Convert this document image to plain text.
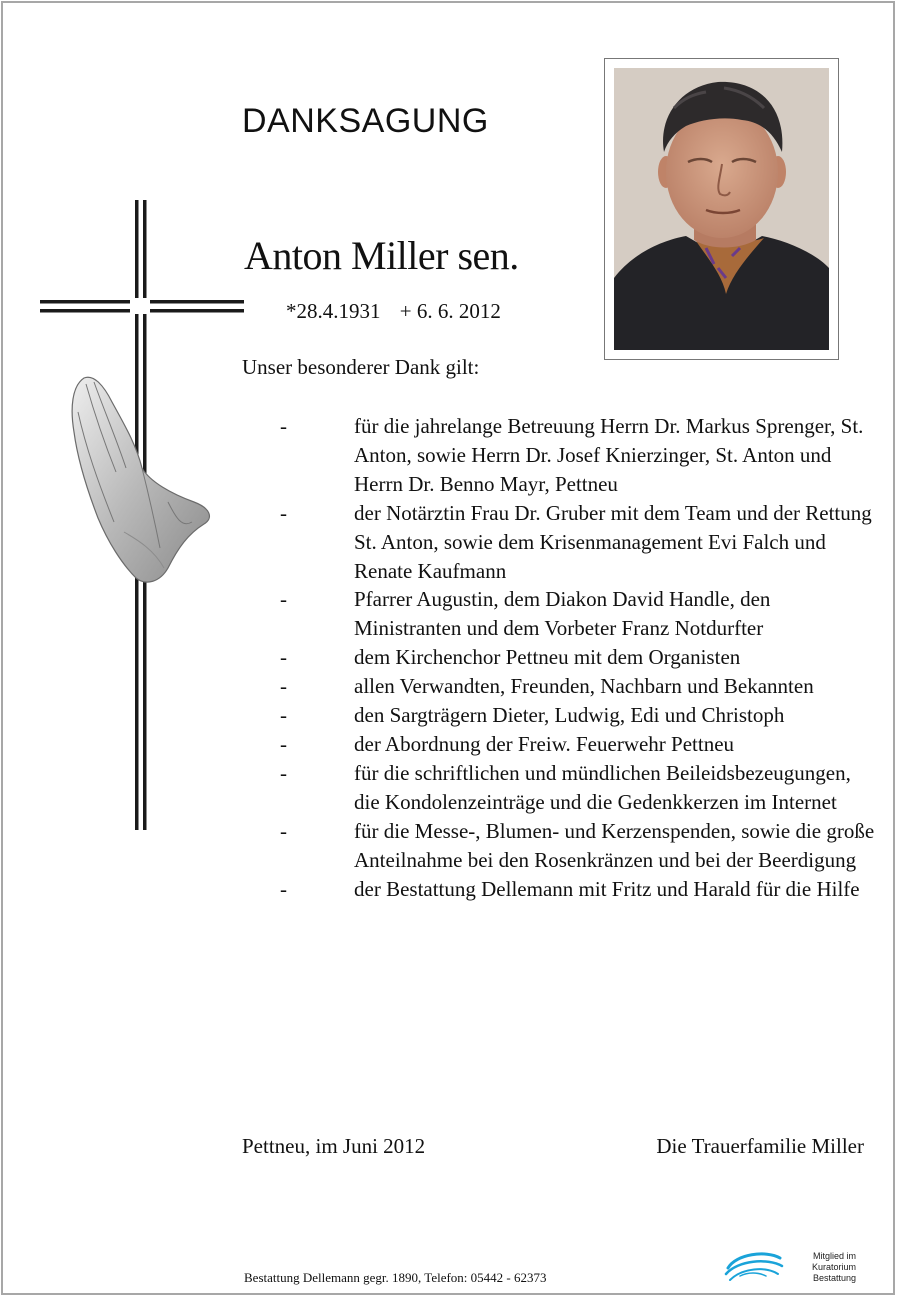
DANKSAGUNG
Anton Miller sen.
*28.4.1931 + 6. 6. 2012
Unser besonderer Dank gilt:
-	für die jahrelange Betreuung Herrn Dr. Markus Sprenger, St. Anton, sowie Herrn Dr. Josef Knierzinger, St. Anton und Herrn Dr. Benno Mayr, Pettneu
-	der Notärztin Frau Dr. Gruber mit dem Team und der Rettung St. Anton, sowie dem Krisenmanagement Evi Falch und Renate Kaufmann
-	Pfarrer Augustin, dem Diakon David Handle, den Ministranten und dem Vorbeter Franz Notdurfter
-	dem Kirchenchor Pettneu mit dem Organisten
-	allen Verwandten, Freunden, Nachbarn und Bekannten
-	den Sargträgern Dieter, Ludwig, Edi und Christoph
-	der Abordnung der Freiw. Feuerwehr Pettneu
-	für die schriftlichen und mündlichen Beileidsbezeugungen, die Kondolenzeinträge und die Gedenkkerzen im Internet
-	für die Messe-, Blumen- und Kerzenspenden, sowie die große Anteilnahme bei den Rosenkränzen und bei der Beerdigung
-	der Bestattung Dellemann mit Fritz und Harald für die Hilfe
Pettneu, im Juni 2012	Die Trauerfamilie Miller
Bestattung Dellemann gegr. 1890, Telefon: 05442 - 62373
Mitglied im
Kuratorium Bestattung
